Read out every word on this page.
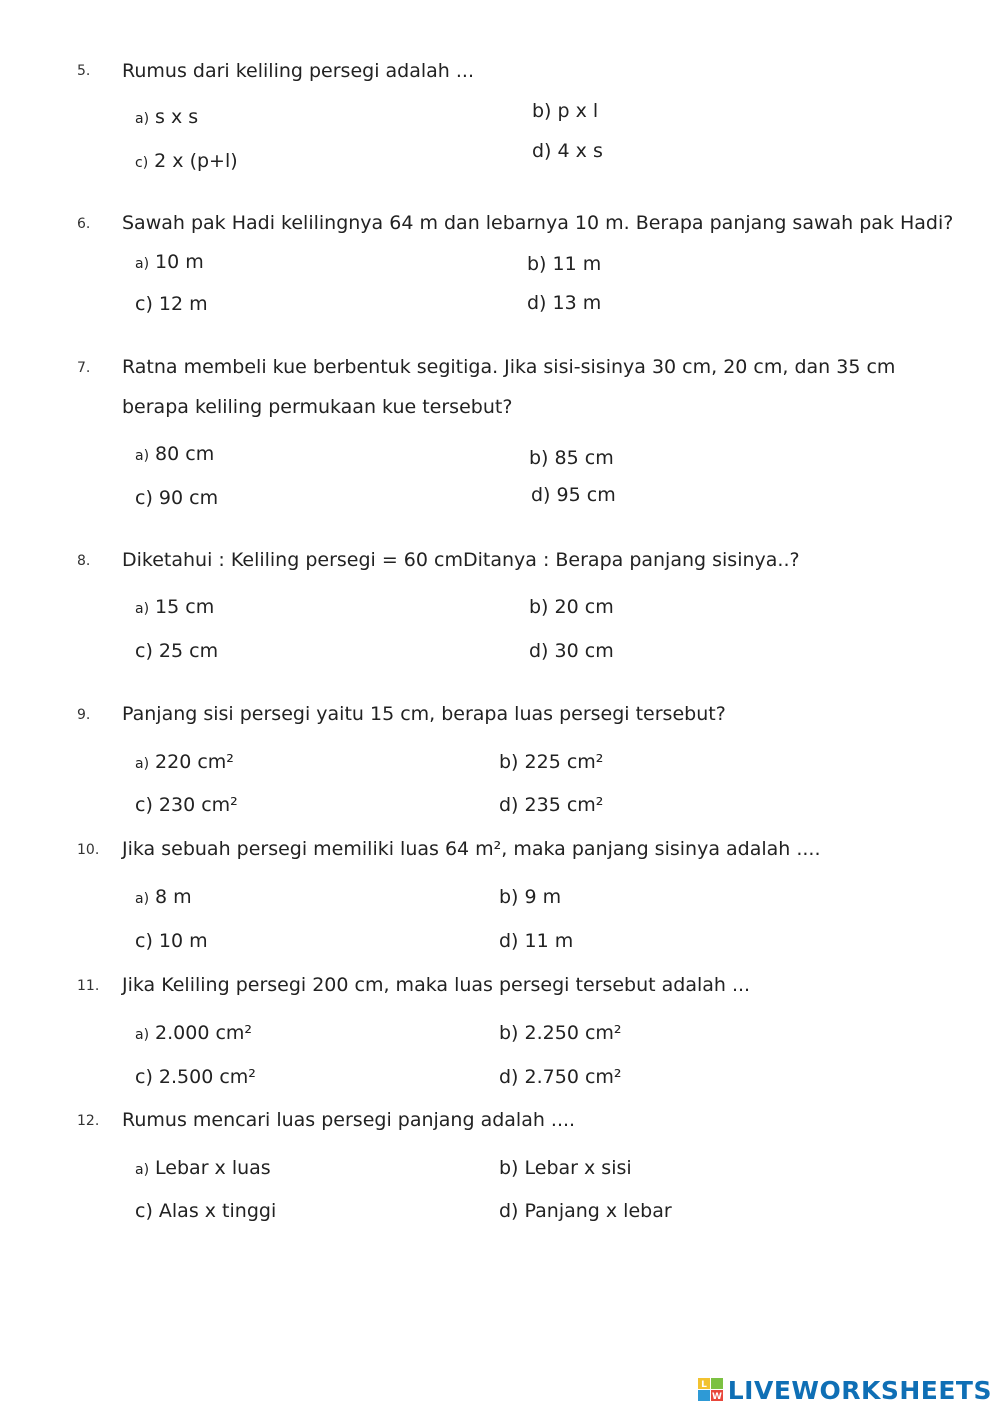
5. Rumus dari keliling persegi adalah ...
a) s x s	b) p x l
c) 2 x (p+l)	d) 4 x s
6. Sawah pak Hadi kelilingnya 64 m dan lebarnya 10 m. Berapa panjang sawah pak Hadi?
a) 10 m	b) 11 m
c) 12 m	d) 13 m
7. Ratna membeli kue berbentuk segitiga. Jika sisi-sisinya 30 cm, 20 cm, dan 35 cm
berapa keliling permukaan kue tersebut?
a) 80 cm	b) 85 cm
c) 90 cm	d) 95 cm
8. Diketahui : Keliling persegi = 60 cmDitanya : Berapa panjang sisinya..?
a) 15 cm	b) 20 cm
c) 25 cm	d) 30 cm
9. Panjang sisi persegi yaitu 15 cm, berapa luas persegi tersebut?
a) 220 cm²	b) 225 cm²
c) 230 cm²	d) 235 cm²
10. Jika sebuah persegi memiliki luas 64 m², maka panjang sisinya adalah ....
a) 8 m	b) 9 m
c) 10 m	d) 11 m
11. Jika Keliling persegi 200 cm, maka luas persegi tersebut adalah ...
a) 2.000 cm²	b) 2.250 cm²
c) 2.500 cm²	d) 2.750 cm²
12. Rumus mencari luas persegi panjang adalah ....
a) Lebar x luas	b) Lebar x sisi
c) Alas x tinggi	d) Panjang x lebar
L
W LIVEWORKSHEETS
